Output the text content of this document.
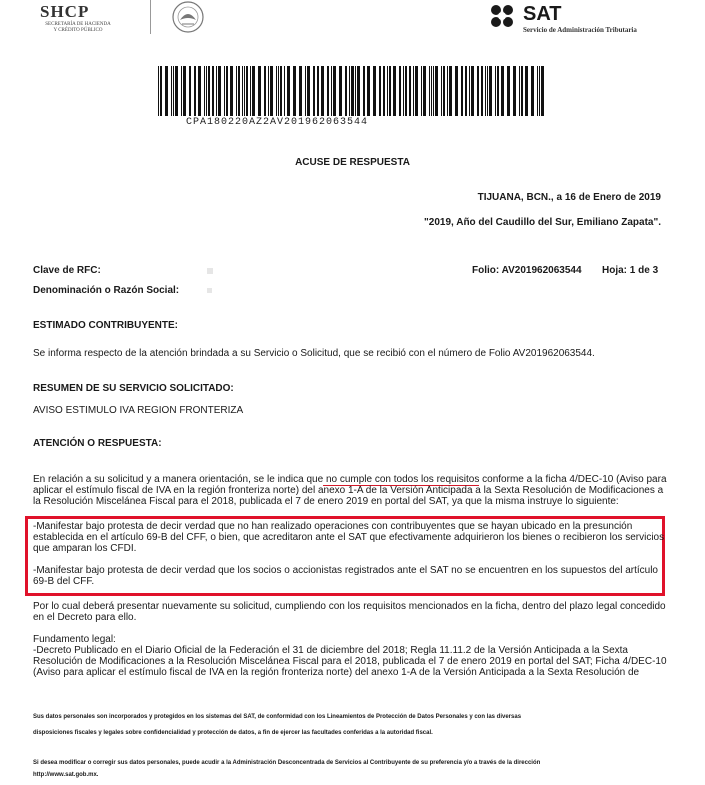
SHCP
SECRETARÍA DE HACIENDA
Y CRÉDITO PÚBLICO
SAT
Servicio de Administración Tributaria
CPA180220AZ2AV201962063544
ACUSE DE RESPUESTA
TIJUANA, BCN., a 16 de Enero de 2019
"2019, Año del Caudillo del Sur, Emiliano Zapata".
Clave de RFC:	Folio: AV201962063544 Hoja: 1 de 3
Denominación o Razón Social:
ESTIMADO CONTRIBUYENTE:
Se informa respecto de la atención brindada a su Servicio o Solicitud, que se recibió con el número de Folio AV201962063544.
RESUMEN DE SU SERVICIO SOLICITADO:
AVISO ESTIMULO IVA REGION FRONTERIZA
ATENCIÓN O RESPUESTA:
En relación a su solicitud y a manera orientación, se le indica que no cumple con todos los requisitos conforme a la ficha 4/DEC-10 (Aviso para
aplicar el estímulo fiscal de IVA en la región fronteriza norte) del anexo 1-A de la Versión Anticipada a la Sexta Resolución de Modificaciones a
la Resolución Miscelánea Fiscal para el 2018, publicada el 7 de enero 2019 en portal del SAT, ya que la misma instruye lo siguiente:
-Manifestar bajo protesta de decir verdad que no han realizado operaciones con contribuyentes que se hayan ubicado en la presunción
establecida en el artículo 69-B del CFF, o bien, que acreditaron ante el SAT que efectivamente adquirieron los bienes o recibieron los servicios
que amparan los CFDI.
-Manifestar bajo protesta de decir verdad que los socios o accionistas registrados ante el SAT no se encuentren en los supuestos del artículo
69-B del CFF.
Por lo cual deberá presentar nuevamente su solicitud, cumpliendo con los requisitos mencionados en la ficha, dentro del plazo legal concedido
en el Decreto para ello.
Fundamento legal:
-Decreto Publicado en el Diario Oficial de la Federación el 31 de diciembre del 2018; Regla 11.11.2 de la Versión Anticipada a la Sexta
Resolución de Modificaciones a la Resolución Miscelánea Fiscal para el 2018, publicada el 7 de enero 2019 en portal del SAT; Ficha 4/DEC-10
(Aviso para aplicar el estímulo fiscal de IVA en la región fronteriza norte) del anexo 1-A de la Versión Anticipada a la Sexta Resolución de
Sus datos personales son incorporados y protegidos en los sistemas del SAT, de conformidad con los Lineamientos de Protección de Datos Personales y con las diversas
disposiciones fiscales y legales sobre confidencialidad y protección de datos, a fin de ejercer las facultades conferidas a la autoridad fiscal.
Si desea modificar o corregir sus datos personales, puede acudir a la Administración Desconcentrada de Servicios al Contribuyente de su preferencia y/o a través de la dirección
http://www.sat.gob.mx.
